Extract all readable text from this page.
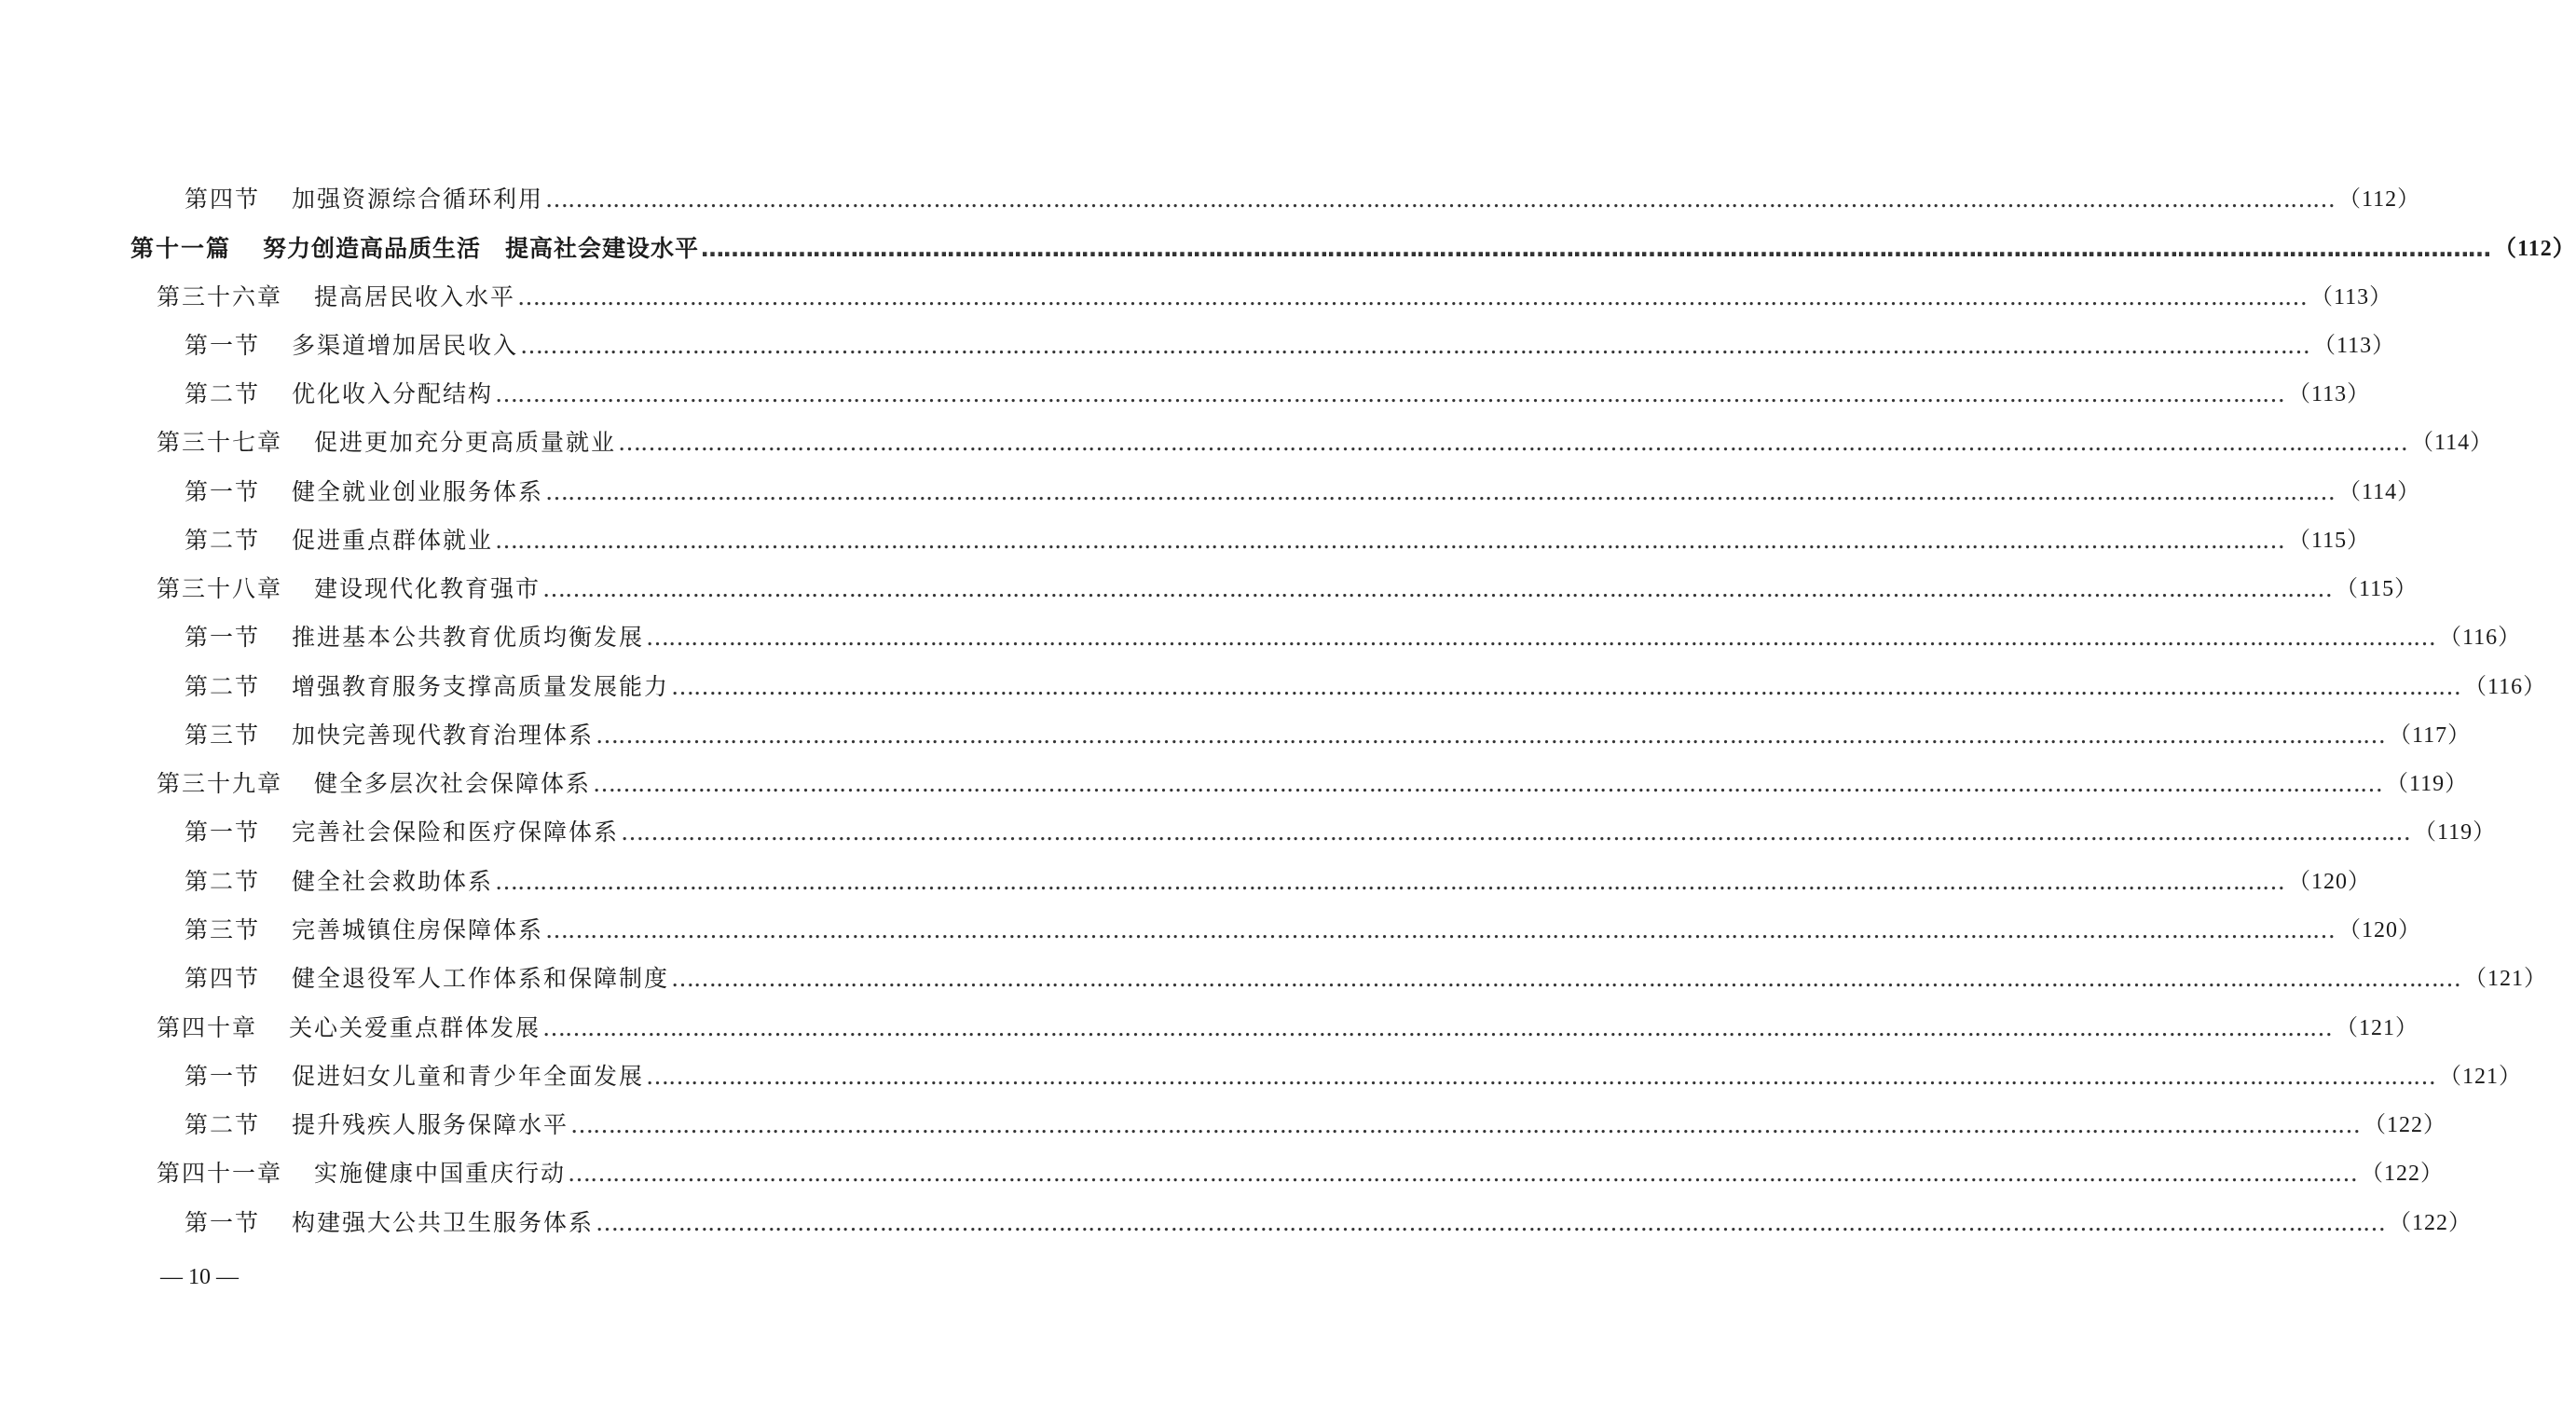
第四节 加强资源综合循环利用 …………………………………………………………………………………………………………………………………………………………………………………………………………………… （112）
第十一篇 努力创造高品质生活　提高社会建设水平 …………………………………………………………………………………………………………………………………………………………………………………………………………………… （112）
第三十六章 提高居民收入水平 …………………………………………………………………………………………………………………………………………………………………………………………………………………… （113）
第一节 多渠道增加居民收入 …………………………………………………………………………………………………………………………………………………………………………………………………………………… （113）
第二节 优化收入分配结构 …………………………………………………………………………………………………………………………………………………………………………………………………………………… （113）
第三十七章 促进更加充分更高质量就业 …………………………………………………………………………………………………………………………………………………………………………………………………………………… （114）
第一节 健全就业创业服务体系 …………………………………………………………………………………………………………………………………………………………………………………………………………………… （114）
第二节 促进重点群体就业 …………………………………………………………………………………………………………………………………………………………………………………………………………………… （115）
第三十八章 建设现代化教育强市 …………………………………………………………………………………………………………………………………………………………………………………………………………………… （115）
第一节 推进基本公共教育优质均衡发展 …………………………………………………………………………………………………………………………………………………………………………………………………………………… （116）
第二节 增强教育服务支撑高质量发展能力 …………………………………………………………………………………………………………………………………………………………………………………………………………………… （116）
第三节 加快完善现代教育治理体系 …………………………………………………………………………………………………………………………………………………………………………………………………………………… （117）
第三十九章 健全多层次社会保障体系 …………………………………………………………………………………………………………………………………………………………………………………………………………………… （119）
第一节 完善社会保险和医疗保障体系 …………………………………………………………………………………………………………………………………………………………………………………………………………………… （119）
第二节 健全社会救助体系 …………………………………………………………………………………………………………………………………………………………………………………………………………………… （120）
第三节 完善城镇住房保障体系 …………………………………………………………………………………………………………………………………………………………………………………………………………………… （120）
第四节 健全退役军人工作体系和保障制度 …………………………………………………………………………………………………………………………………………………………………………………………………………………… （121）
第四十章 关心关爱重点群体发展 …………………………………………………………………………………………………………………………………………………………………………………………………………………… （121）
第一节 促进妇女儿童和青少年全面发展 …………………………………………………………………………………………………………………………………………………………………………………………………………………… （121）
第二节 提升残疾人服务保障水平 …………………………………………………………………………………………………………………………………………………………………………………………………………………… （122）
第四十一章 实施健康中国重庆行动 …………………………………………………………………………………………………………………………………………………………………………………………………………………… （122）
第一节 构建强大公共卫生服务体系 …………………………………………………………………………………………………………………………………………………………………………………………………………………… （122）
— 10 —
